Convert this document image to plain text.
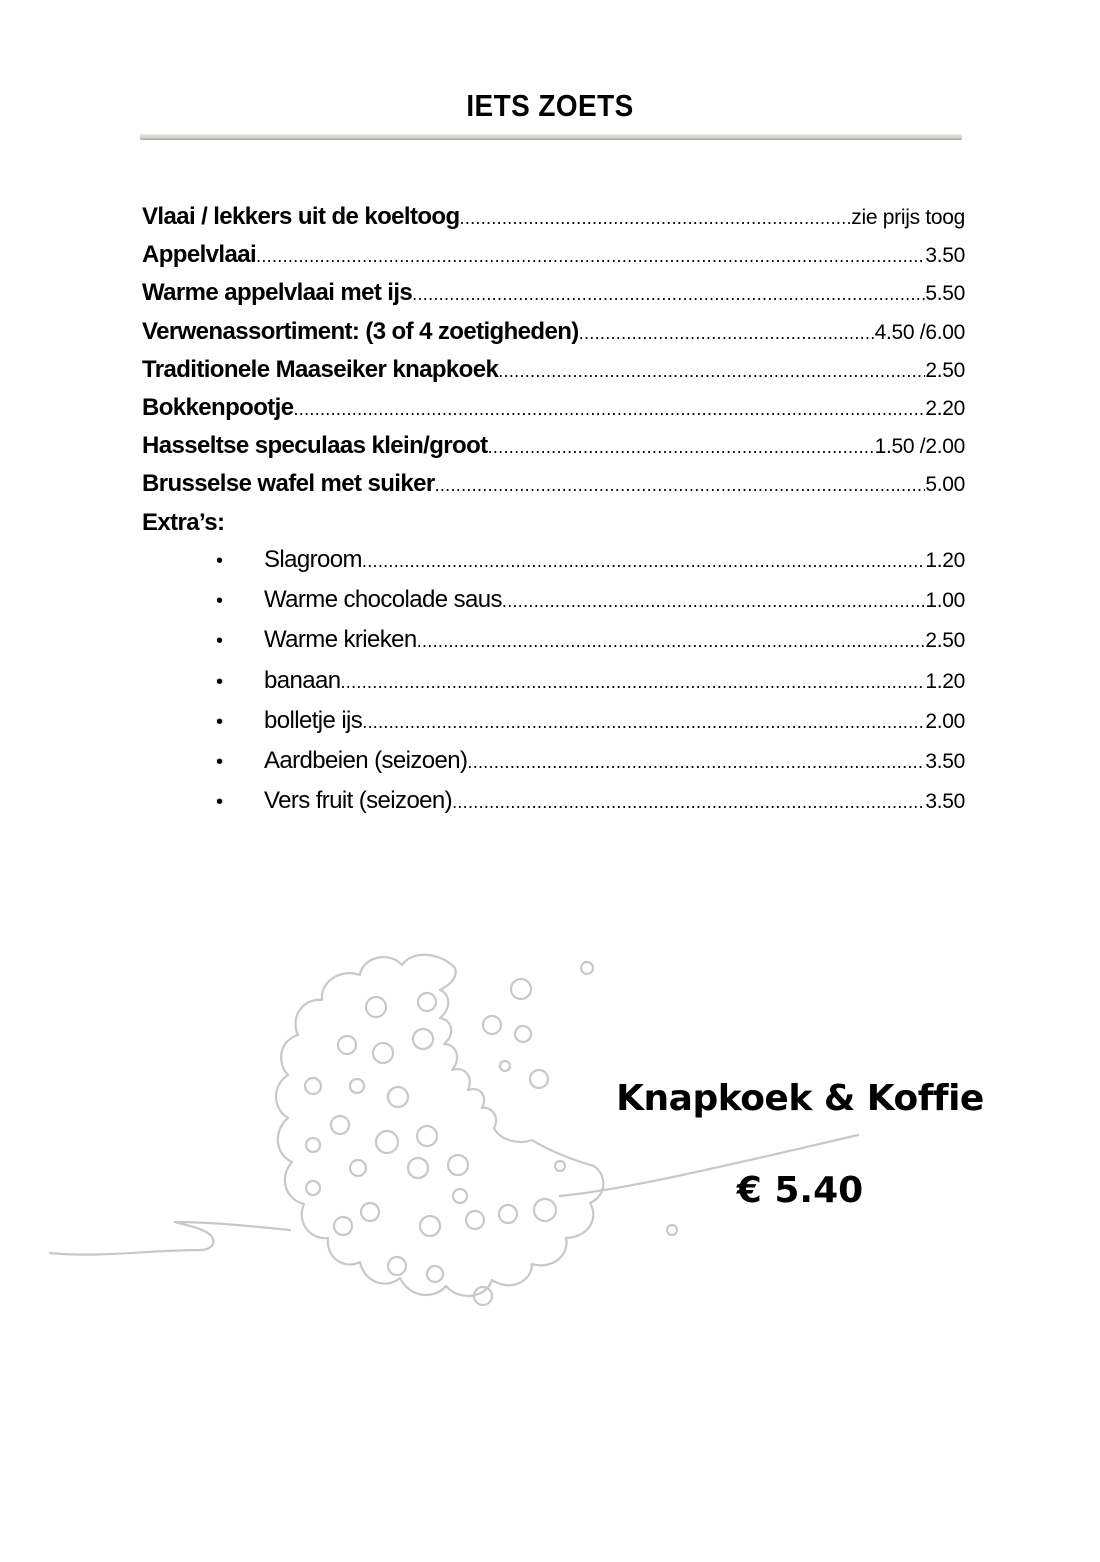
IETS ZOETS
Vlaai / lekkers uit de koeltoog .....	zie prijs toog
Appelvlaai .....	3.50
Warme appelvlaai met ijs .....	5.50
Verwenassortiment: (3 of 4 zoetigheden) .....	4.50 /6.00
Traditionele Maaseiker knapkoek .....	2.50
Bokkenpootje .....	2.20
Hasseltse speculaas klein/groot .....	1.50 /2.00
Brusselse wafel met suiker .....	5.00
Extra’s:
•	Slagroom .....	1.20
•	Warme chocolade saus .....	1.00
•	Warme krieken .....	2.50
•	banaan .....	1.20
•	bolletje ijs .....	2.00
•	Aardbeien (seizoen) .....	3.50
•	Vers fruit (seizoen) .....	3.50
Knapkoek & Koffie
€ 5.40
